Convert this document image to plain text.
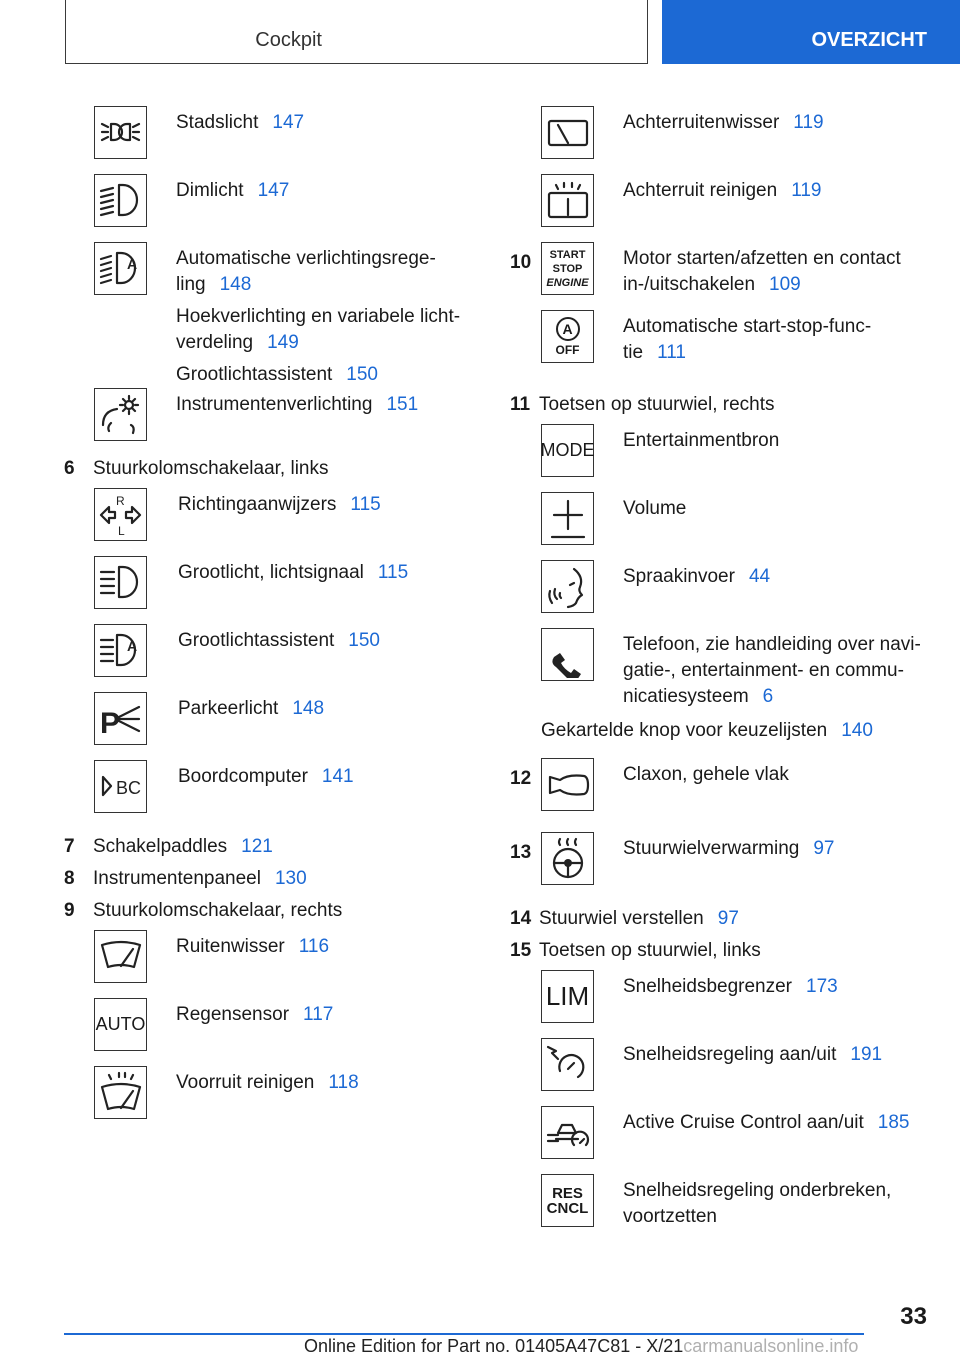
Cockpit	OVERZICHT
Stadslicht 147
Dimlicht 147
A Automatische verlichtingsrege-
ling 148
Hoekverlichting en variabele licht-
verdeling 149
Grootlichtassistent 150
Instrumentenverlichting 151
6 Stuurkolomschakelaar, links
R
L
Richtingaanwijzers 115
Grootlicht, lichtsignaal 115
A Grootlichtassistent 150
P	Parkeerlicht 148
BC
Boordcomputer 141
7 Schakelpaddles 121
8 Instrumentenpaneel 130
9 Stuurkolomschakelaar, rechts
Ruitenwisser 116
AUTO Regensensor 117
Voorruit reinigen 118
Achterruitenwisser 119
Achterruit reinigen 119
10	START
STOP
ENGINE
Motor starten/afzetten en contact
in-/uitschakelen 109
A
OFF
Automatische start-stop-func-
tie 111
11 Toetsen op stuurwiel, rechts
MODE Entertainmentbron
Volume
Spraakinvoer 44
Telefoon, zie handleiding over navi-
gatie-, entertainment- en commu-
nicatiesysteem 6
Gekartelde knop voor keuzelijsten 140
12	Claxon, gehele vlak
13	Stuurwielverwarming 97
14 Stuurwiel verstellen 97
15 Toetsen op stuurwiel, links
LIM Snelheidsbegrenzer 173
Snelheidsregeling aan/uit 191
Active Cruise Control aan/uit 185
RES
CNCL
Snelheidsregeling onderbreken,
voortzetten
33
Online Edition for Part no. 01405A47C81 - X/21carmanualsonline.info
